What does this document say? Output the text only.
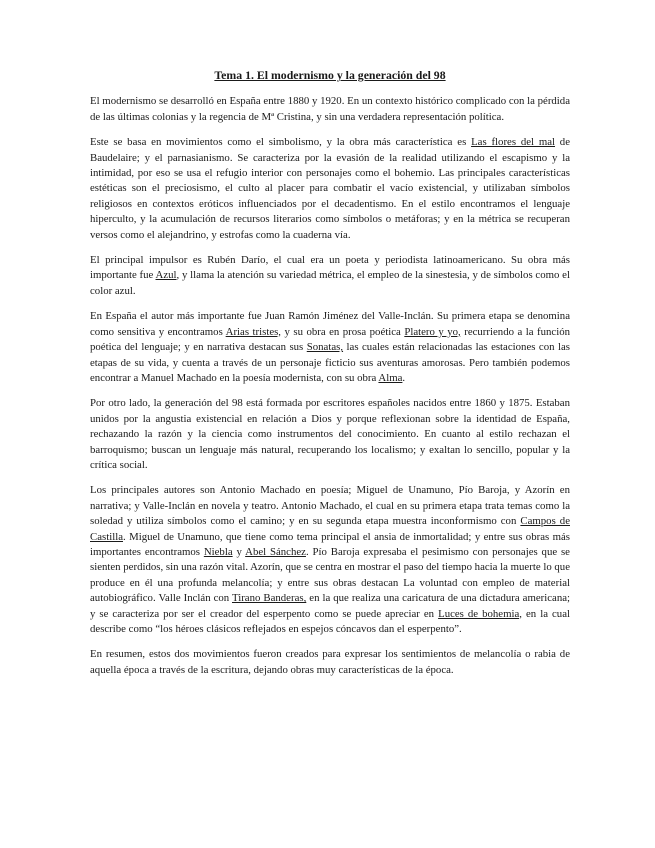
Tema 1. El modernismo y la generación del 98

El modernismo se desarrolló en España entre 1880 y 1920. En un contexto histórico complicado con la pérdida de las últimas colonias y la regencia de Mª Cristina, y sin una verdadera representación política.

Este se basa en movimientos como el simbolismo, y la obra más característica es Las flores del mal de Baudelaire; y el parnasianismo. Se caracteriza por la evasión de la realidad utilizando el escapismo y la intimidad, por eso se usa el refugio interior con personajes como el bohemio. Las principales características estéticas son el preciosismo, el culto al placer para combatir el vacío existencial, y utilizaban símbolos religiosos en contextos eróticos influenciados por el decadentismo. En el estilo encontramos el lenguaje hiperculto, y la acumulación de recursos literarios como símbolos o metáforas; y en la métrica se recuperan versos como el alejandrino, y estrofas como la cuaderna vía.

El principal impulsor es Rubén Darío, el cual era un poeta y periodista latinoamericano. Su obra más importante fue Azul, y llama la atención su variedad métrica, el empleo de la sinestesia, y de símbolos como el color azul.

En España el autor más importante fue Juan Ramón Jiménez del Valle-Inclán. Su primera etapa se denomina como sensitiva y encontramos Arias tristes, y su obra en prosa poética Platero y yo, recurriendo a la función poética del lenguaje; y en narrativa destacan sus Sonatas, las cuales están relacionadas las estaciones con las etapas de su vida, y cuenta a través de un personaje ficticio sus aventuras amorosas. Pero también podemos encontrar a Manuel Machado en la poesía modernista, con su obra Alma.

Por otro lado, la generación del 98 está formada por escritores españoles nacidos entre 1860 y 1875. Estaban unidos por la angustia existencial en relación a Dios y porque reflexionan sobre la identidad de España, rechazando la razón y la ciencia como instrumentos del conocimiento. En cuanto al estilo rechazan el barroquismo; buscan un lenguaje más natural, recuperando los localismo; y exaltan lo sencillo, popular y la crítica social.

Los principales autores son Antonio Machado en poesía; Miguel de Unamuno, Pío Baroja, y Azorín en narrativa; y Valle-Inclán en novela y teatro. Antonio Machado, el cual en su primera etapa trata temas como la soledad y utiliza símbolos como el camino; y en su segunda etapa muestra inconformismo con Campos de Castilla. Miguel de Unamuno, que tiene como tema principal el ansia de inmortalidad; y entre sus obras más importantes encontramos Niebla y Abel Sánchez. Pío Baroja expresaba el pesimismo con personajes que se sienten perdidos, sin una razón vital. Azorín, que se centra en mostrar el paso del tiempo hacia la muerte lo que produce en él una profunda melancolía; y entre sus obras destacan La voluntad con empleo de material autobiográfico. Valle Inclán con Tirano Banderas, en la que realiza una caricatura de una dictadura americana; y se caracteriza por ser el creador del esperpento como se puede apreciar en Luces de bohemia, en la cual describe como “los héroes clásicos reflejados en espejos cóncavos dan el esperpento”.

En resumen, estos dos movimientos fueron creados para expresar los sentimientos de melancolía o rabia de aquella época a través de la escritura, dejando obras muy características de la época.
